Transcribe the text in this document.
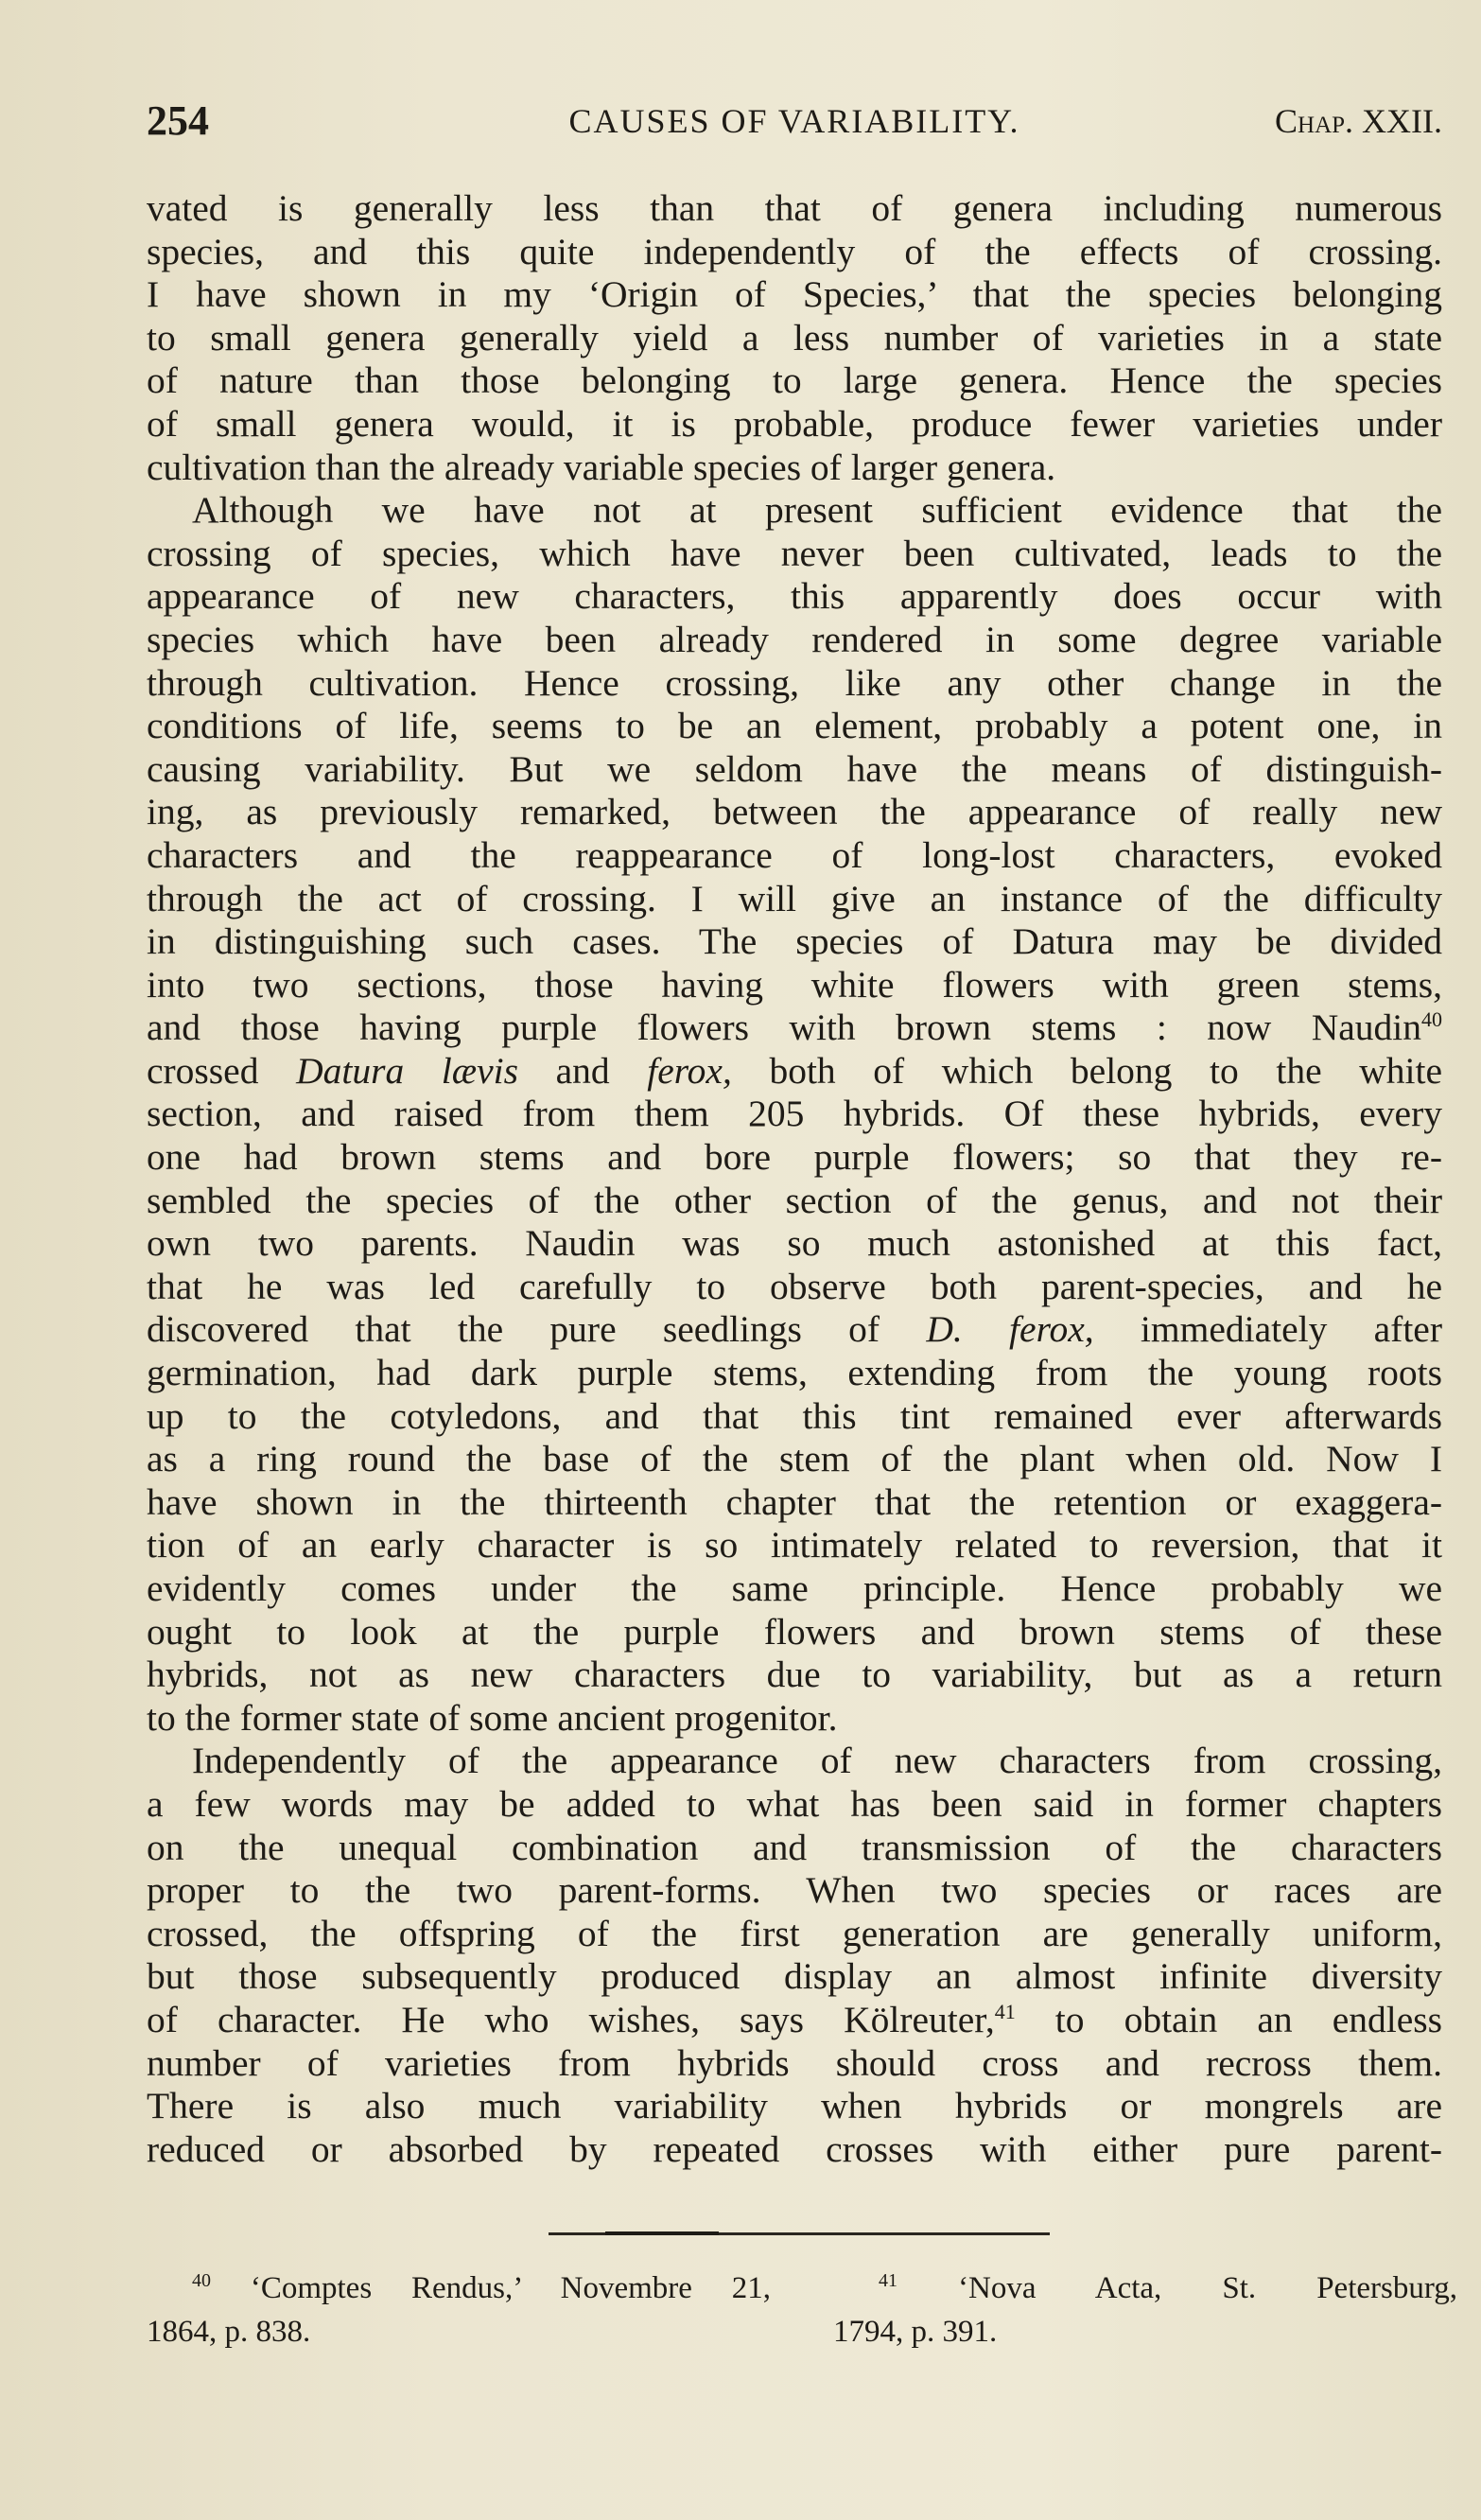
254	CAUSES OF VARIABILITY.	Chap. XXII.
vated is generally less than that of genera including numerous
species, and this quite independently of the effects of crossing.
I have shown in my ‘Origin of Species,’ that the species belonging
to small genera generally yield a less number of varieties in a state
of nature than those belonging to large genera. Hence the species
of small genera would, it is probable, produce fewer varieties under
cultivation than the already variable species of larger genera.
Although we have not at present sufficient evidence that the
crossing of species, which have never been cultivated, leads to the
appearance of new characters, this apparently does occur with
species which have been already rendered in some degree variable
through cultivation. Hence crossing, like any other change in the
conditions of life, seems to be an element, probably a potent one, in
causing variability. But we seldom have the means of distinguish-
ing, as previously remarked, between the appearance of really new
characters and the reappearance of long-lost characters, evoked
through the act of crossing. I will give an instance of the difficulty
in distinguishing such cases. The species of Datura may be divided
into two sections, those having white flowers with green stems,
and those having purple flowers with brown stems : now Naudin$^{40}$
crossed Datura lævis and ferox, both of which belong to the white
section, and raised from them 205 hybrids. Of these hybrids, every
one had brown stems and bore purple flowers; so that they re-
sembled the species of the other section of the genus, and not their
own two parents. Naudin was so much astonished at this fact,
that he was led carefully to observe both parent-species, and he
discovered that the pure seedlings of D. ferox, immediately after
germination, had dark purple stems, extending from the young roots
up to the cotyledons, and that this tint remained ever afterwards
as a ring round the base of the stem of the plant when old. Now I
have shown in the thirteenth chapter that the retention or exaggera-
tion of an early character is so intimately related to reversion, that it
evidently comes under the same principle. Hence probably we
ought to look at the purple flowers and brown stems of these
hybrids, not as new characters due to variability, but as a return
to the former state of some ancient progenitor.
Independently of the appearance of new characters from crossing,
a few words may be added to what has been said in former chapters
on the unequal combination and transmission of the characters
proper to the two parent-forms. When two species or races are
crossed, the offspring of the first generation are generally uniform,
but those subsequently produced display an almost infinite diversity
of character. He who wishes, says Kölreuter,$^{41}$ to obtain an endless
number of varieties from hybrids should cross and recross them.
There is also much variability when hybrids or mongrels are
reduced or absorbed by repeated crosses with either pure parent-
$^{40}$ ‘Comptes Rendus,’ Novembre 21,
1864, p. 838.
$^{41}$ ‘Nova Acta, St. Petersburg,
1794, p. 391.
